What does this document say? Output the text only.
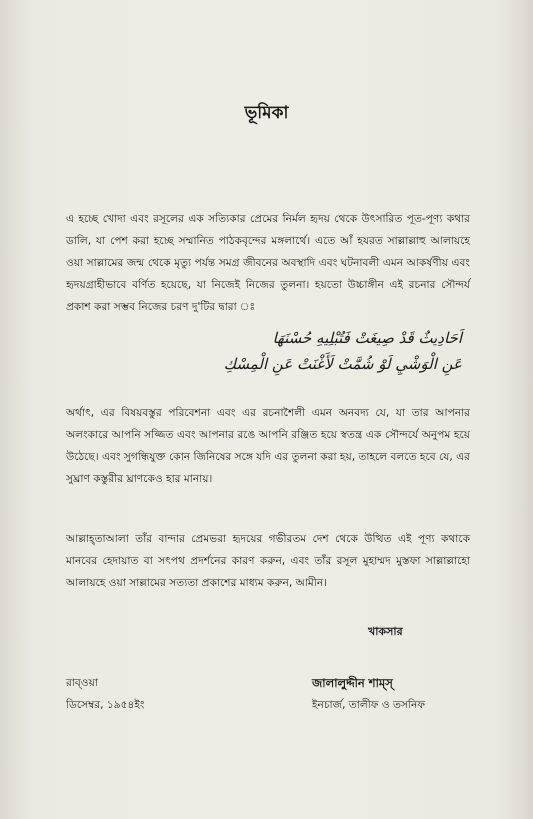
ভূমিকা

এ হচ্ছে খোদা এবং রসূলের এক সত্যিকার প্রেমের নির্মল হৃদয় থেকে উৎসারিত পূত-পূণ্য কথার ডালি, যা পেশ করা হচ্ছে সম্মানিত পাঠকবৃন্দের মঙ্গলার্থে। এতে আঁ হযরত সাল্লাল্লাহু আলায়হে ওয়া সাল্লামের জন্ম থেকে মৃত্যু পর্যন্ত সমগ্র জীবনের অবস্থাদি এবং ঘটনাবলী এমন আকর্ষণীয় এবং হৃদয়গ্রাহীভাবে বর্ণিত হয়েছে, যা নিজেই নিজের তুলনা। হয়তো উচ্চাঙ্গীন এই রচনার সৌন্দর্য প্রকাশ করা সম্ভব নিজের চরণ দু'টির দ্বারা ঃ

اَحَادِيثٌ قَدْ صِيغَتْ فَتُبْلِيهِ حُسْنَهَا
عَنِ الْوَشْيِ لَوْ شُمَّتْ لَأَغْنَتْ عَنِ الْمِسْكِ

অর্থাৎ, এর বিষয়বস্তুর পরিবেশনা এবং এর রচনাশৈলী এমন অনবদ্য যে, যা তার আপনার অলংকারে আপনি সজ্জিত এবং আপনার রঙে আপনি রঞ্জিত হয়ে স্বতন্ত্র এক সৌন্দর্যে অনুপম হয়ে উঠেছে। এবং সুগন্ধিযুক্ত কোন জিনিষের সঙ্গে যদি এর তুলনা করা হয়, তাহলে বলতে হবে যে, এর সুঘ্রাণ কস্তুরীর ঘ্রাণকেও হার মানায়।

আল্লাহ্‌তাআলা তাঁর বান্দার প্রেমভরা হৃদয়ের গভীরতম দেশ থেকে উত্থিত এই পূণ্য কথাকে মানবের হেদায়াত বা সৎপথ প্রদর্শনের কারণ করুন, এবং তাঁর রসূল মুহাম্মদ মুস্তফা সাল্লাল্লাহো আলায়হে ওয়া সাল্লামের সত্যতা প্রকাশের মাধ্যম করুন, আমীন।

খাকসার
রাব্‌ওয়া
ডিসেম্বর, ১৯৫৪ইং
জালালুদ্দীন শাম্‌স্‌
ইনচার্জ, তালীফ ও তসনিফ
